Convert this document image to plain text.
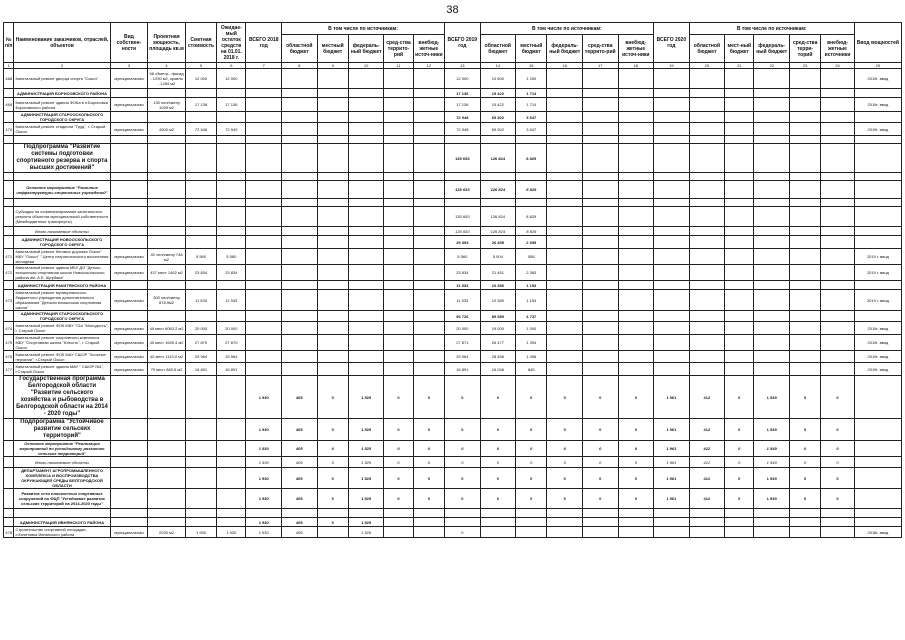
38
№ п/п	Наименование заказчиков, отраслей, объектов	Вид собствен-ности	Проектная мощность, площадь кв.м	Сметная стоимость	Ожидае-мый остаток средств на 01.01. 2018 г.	ВСЕГО 2018 год	В том числе по источникам:					ВСЕГО 2019 год	В том числе по источникам:					ВСЕГО 2020 год	В том числе по источникам:					Ввод мощностей
							областной бюджет	местный бюджет	федераль-ный бюджет	сред-ства террито-рий	внебюд-жетные источ-ники		областной бюджет	местный бюджет	федераль-ный бюджет	сред-ства террито-рий	внебюд-жетные источ-ники		областной бюджет	мест-ный бюджет	федераль-ный бюджет	сред-ства терри-торий	внебюд-жетные источники	
1	2	3	4	5	6	7	8	9	10	11	12	13	14	15	16	17	18	19	20	21	22	23	24	25
468	Капитальный ремонт дворца спорта "Сокол"	муниципальная	58 х3метр., фасад - 1290 м2, кровля - 1284 м2	12 000	12 000							12 000	10 800	1 200										2019г. ввод
	АДМИНИСТРАЦИЯ БОРИСОВСКОГО РАЙОНА											17 136	15 422	1 714										
469	Капитальный ремонт здания ФОКа в п.Борисовка Борисовского района	муниципальная	130 чел/смену 1099 м2	17 136	17 136							17 136	15 422	1 714										2019г. ввод
	АДМИНИСТРАЦИЯ СТАРООСКОЛЬСКОГО ГОРОДСКОГО ОКРУГА											72 948	65 302	3 647										
470	Капитальный ремонт стадиона "Труд", г. Старый Оскол	муниципальная	4900 м2	72 948	72 949							72 948	69 302	3 647										2019г. ввод

	Подпрограмма "Развитие системы подготовки спортивного резерва и спорта высших достижений"											135 653	126 824	8 829										

	Основное мероприятие "Развитие инфраструктуры спортивных учреждений"											135 653	126 824	8 829										

	Субсидия на софинансирование капитального ремонта объектов муниципальной собственности (Межбюджетные трансферты)											135 653	126 824	8 829										
	Вновь начинаемые объекты											135 653	126 824	8 829										
	АДМИНИСТРАЦИЯ НОВООСКОЛЬСКОГО ГОРОДСКОГО ОКРУГА											29 394	26 455	2 939										
471	Капитальный ремонт беговых дорожек Оскол" МКУ "Оскол" " Центр патриотического воспитания молодежи	муниципальная	40 чел/смену 748 м2	5 560	5 560							5 560	5 004	556										2019 г. ввод
472	Капитальный ремонт здания МБУ ДО "Детско-юношеская спортивная школа Новооскольского района им. А.Е. Щербака"	муниципальная	437 мест 1462 м2	23 834	23 834							23 834	21 451	2 383										2019 г. ввод
	АДМИНИСТРАЦИЯ РАКИТЯНСКОГО РАЙОНА											11 533	10 380	1 153										
473	Капитальный ремонт муниципального бюджетного учреждения дополнительного образования "Детская юношеская спортивная школа"	муниципальная	300 чел/смену 878,9м2	11 533	11 533							11 533	10 380	1 153										2019 г. ввод
	АДМИНИСТРАЦИЯ СТАРООСКОЛЬСКОГО ГОРОДСКОГО ОКРУГА											94 726	89 989	4 737										
474	Капитальный ремонт ФОК МБУ "СШ "Молодость", г. Старый Оскол	муниципальная	40 мест 6063,2 м2	20 000	20 000							20 000	19 000	1 000										2019г. ввод
475	Капитальный ремонт спортивного комплекса МБУ "Спортивная школа "Юность", г. Старый Оскол	муниципальная	40 мест 1639,4 м2	27 870	27 870							27 871	26 477	1 394										2019г. ввод
476	Капитальный ремонт ФОК МАУ СШОР "Золотые перчатки", г.Старый Оскол	муниципальная	40 мест 1119,0 м2	29 964	29 964							29 964	28 466	1 498										2019г. ввод
477	Капитальный ремонт здания МАУ " СШОР №1", г.Старый Оскол	муниципальная	70 мест 883,5 м2	16 891	16 891							16 891	16 046	845										2019г. ввод
	Государственная программа Белгородской области "Развитие сельского хозяйства и рыбоводства в Белгородской области на 2014 - 2020 годы"					1 930	405	0	1 525	0	0	0	0	0	0	0	0	1 961	412	0	1 549	0	0	
	Подпрограмма "Устойчивое развитие сельских территорий"					1 930	405	0	1 525	0	0	0	0	0	0	0	0	1 961	412	0	1 549	0	0	
	Основное мероприятие "Реализация мероприятий по устойчивому развитию сельских территорий"					1 930	405	0	1 525	0	0	0	0	0	0	0	0	1 961	412	0	1 549	0	0	
	Вновь начинаемые объекты					1 930	405	0	1 525	0	0	0	0	0	0	0	0	1 961	412	0	1 549	0	0	
	ДЕПАРТАМЕНТ АГРОПРОМЫШЛЕННОГО КОМПЛЕКСА И ВОСПРОИЗВОДСТВА ОКРУЖАЮЩЕЙ СРЕДЫ БЕЛГОРОДСКОЙ ОБЛАСТИ					1 930	405	0	1 525	0	0	0	0	0	0	0	0	1 961	412	0	1 549	0	0	
	Развитие сети плоскостных спортивных сооружений по ФЦП "Устойчивое развитие сельских территорий на 2014-2020 годы"					1 930	405	0	1 525	0	0	0	0	0	0	0	0	1 961	412	0	1 549	0	0	

	АДМИНИСТРАЦИЯ ИВНЯНСКОГО РАЙОНА					1 930	405	0	1 525															
478	Строительство спортивной площадки, с.Кочетовка Ивнянского района	муниципальная	2030 м2	1 930	1 930	1 930	405		1 525			0												2018г. ввод
